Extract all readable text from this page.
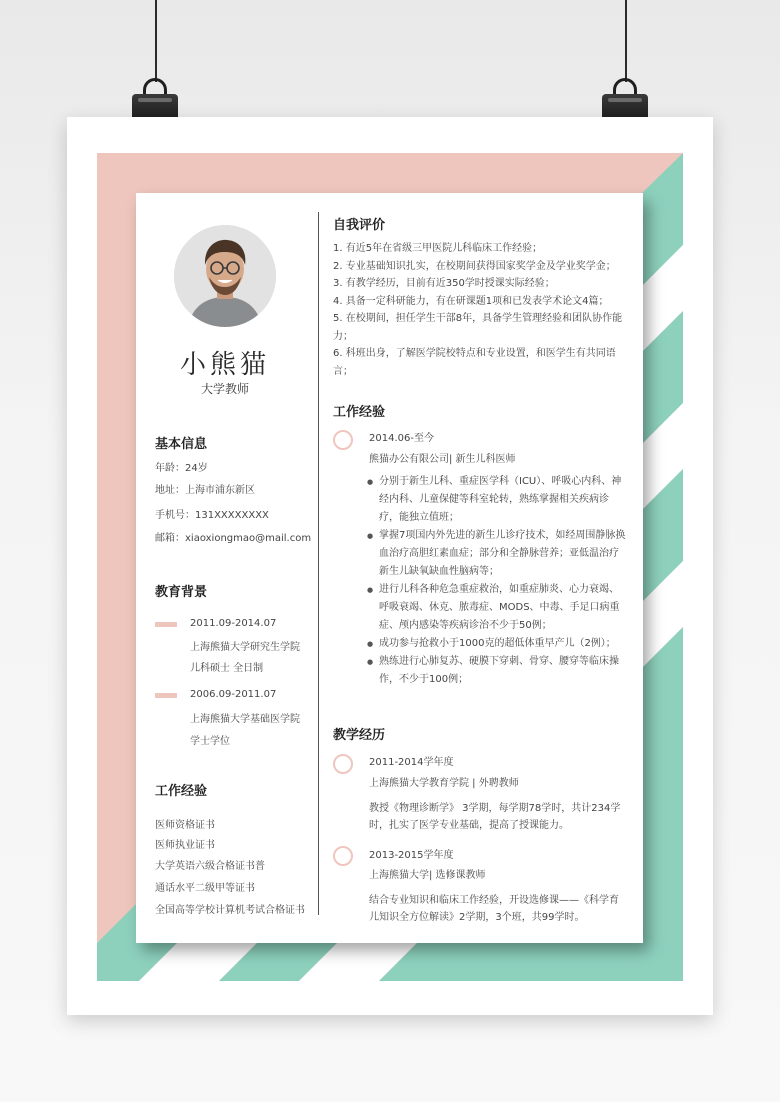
小熊猫
大学教师
基本信息
年龄：24岁
地址：上海市浦东新区
手机号：131XXXXXXXX
邮箱：xiaoxiongmao@mail.com
教育背景
2011.09-2014.07
上海熊猫大学研究生学院
儿科硕士 全日制
2006.09-2011.07
上海熊猫大学基础医学院
学士学位
工作经验
医师资格证书
医师执业证书
大学英语六级合格证书普
通话水平二级甲等证书
全国高等学校计算机考试合格证书
自我评价
1. 有近5年在省级三甲医院儿科临床工作经验；
2. 专业基础知识扎实，在校期间获得国家奖学金及学业奖学金；
3. 有教学经历，目前有近350学时授课实际经验；
4. 具备一定科研能力，有在研课题1项和已发表学术论文4篇；
5. 在校期间，担任学生干部8年，具备学生管理经验和团队协作能
力；
6. 科班出身，了解医学院校特点和专业设置，和医学生有共同语
言；
工作经验
2014.06-至今
熊猫办公有限公司| 新生儿科医师
● 分别于新生儿科、重症医学科（ICU）、呼吸心内科、神经内科、儿童保健等科室轮转，熟练掌握相关疾病诊疗，能独立值班；
● 掌握7项国内外先进的新生儿诊疗技术，如经周围静脉换血治疗高胆红素血症；部分和全静脉营养；亚低温治疗新生儿缺氧缺血性脑病等；
● 进行儿科各种危急重症救治，如重症肺炎、心力衰竭、呼吸衰竭、休克、脓毒症、MODS、中毒、手足口病重症、颅内感染等疾病诊治不少于50例；
● 成功参与抢救小于1000克的超低体重早产儿（2例）；
● 熟练进行心肺复苏、硬膜下穿刺、骨穿、腰穿等临床操作，不少于100例；
教学经历
2011-2014学年度
上海熊猫大学教育学院 | 外聘教师
教授《物理诊断学》 3学期，每学期78学时，共计234学
时，扎实了医学专业基础，提高了授课能力。
2013-2015学年度
上海熊猫大学| 选修课教师
结合专业知识和临床工作经验，开设选修课——《科学育
儿知识全方位解读》2学期，3个班，共99学时。
